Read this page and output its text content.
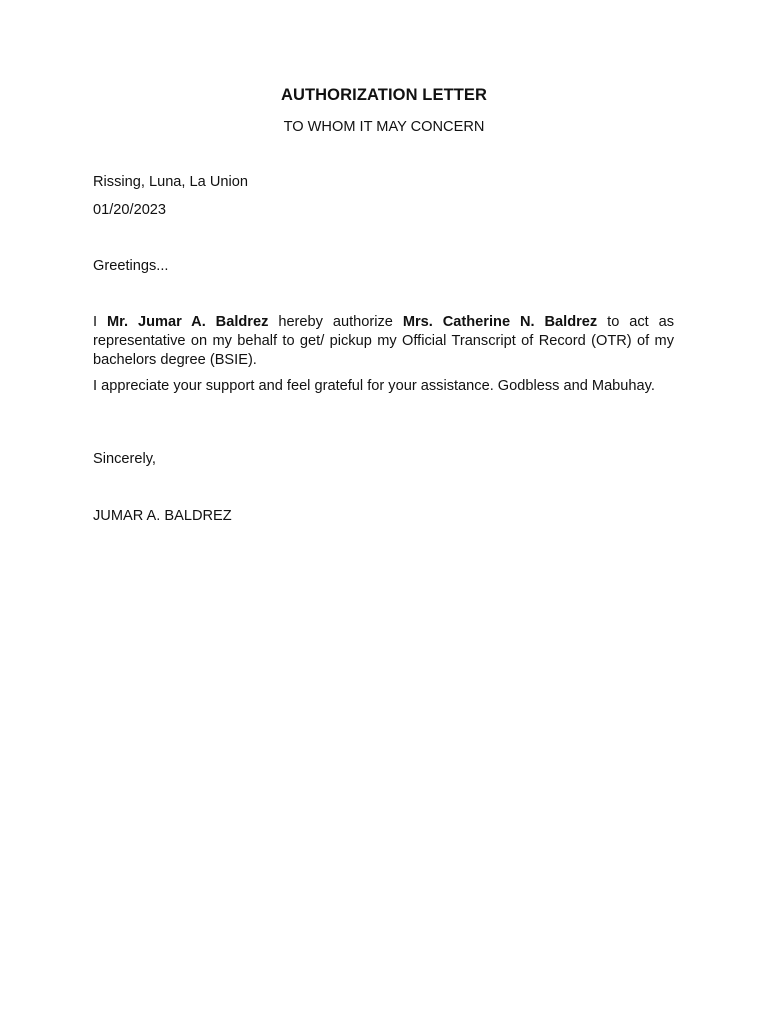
AUTHORIZATION LETTER
TO WHOM IT MAY CONCERN
Rissing, Luna, La Union
01/20/2023
Greetings...
I Mr. Jumar A. Baldrez hereby authorize Mrs. Catherine N. Baldrez to act as representative on my behalf to get/ pickup my Official Transcript of Record (OTR) of my bachelors degree (BSIE).
I appreciate your support and feel grateful for your assistance. Godbless and Mabuhay.
Sincerely,
JUMAR A. BALDREZ
